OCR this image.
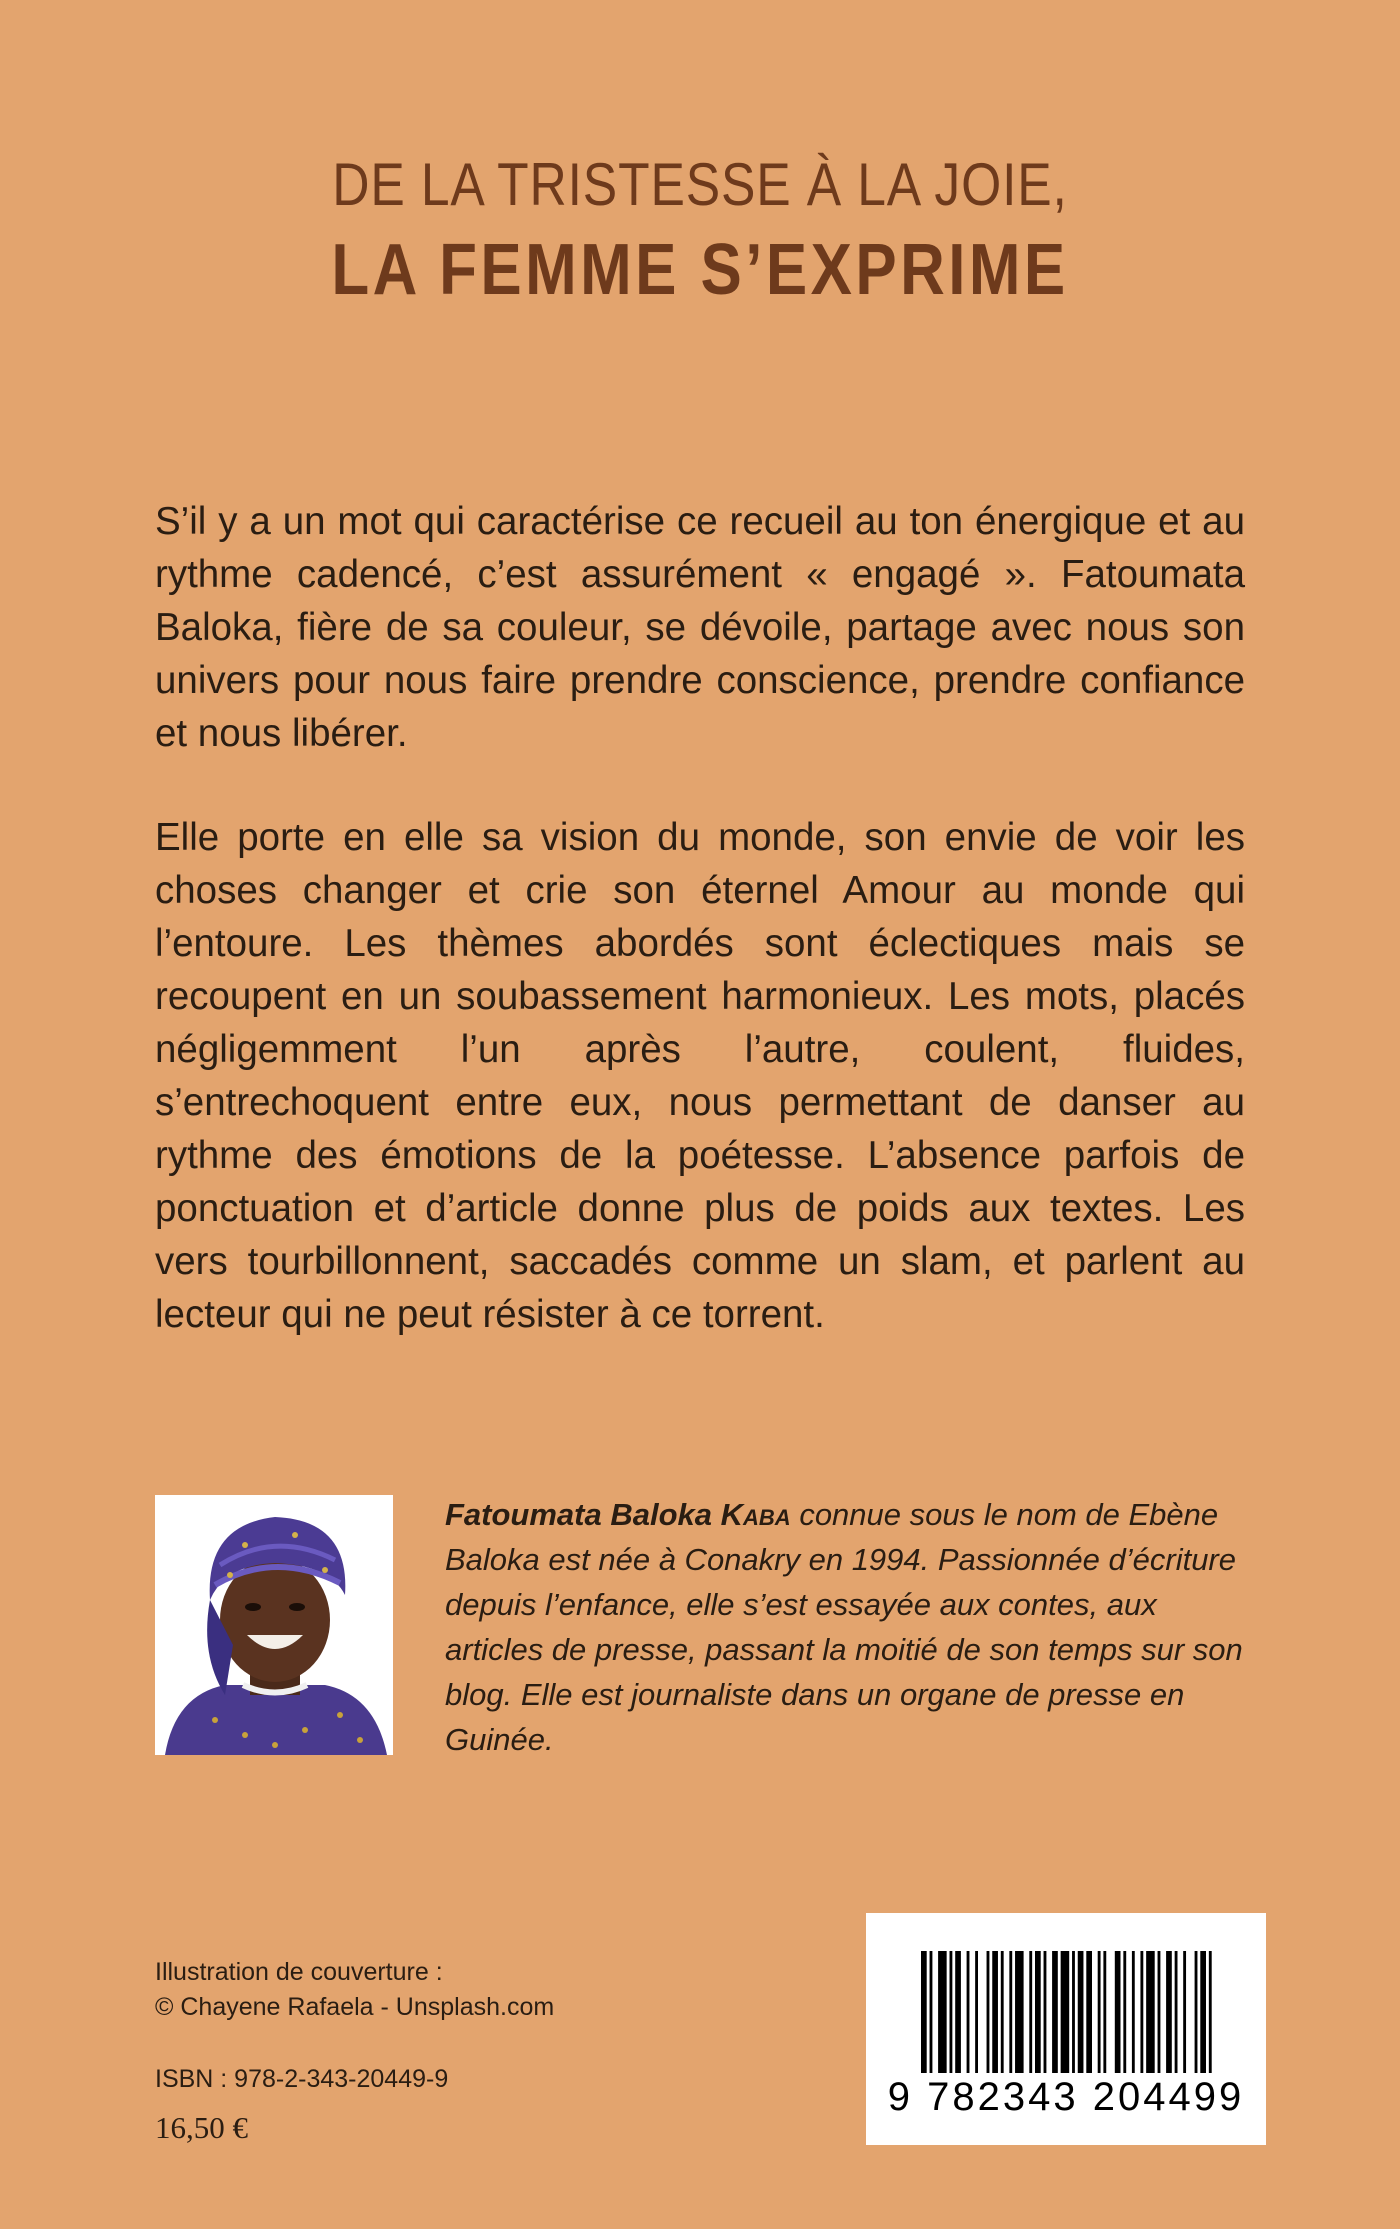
DE LA TRISTESSE À LA JOIE,
LA FEMME S’EXPRIME

S’il y a un mot qui caractérise ce recueil au ton énergique et au rythme cadencé, c’est assurément « engagé ». Fatoumata Baloka, fière de sa couleur, se dévoile, partage avec nous son univers pour nous faire prendre conscience, prendre confiance et nous libérer.

Elle porte en elle sa vision du monde, son envie de voir les choses changer et crie son éternel Amour au monde qui l’entoure. Les thèmes abordés sont éclectiques mais se recoupent en un soubassement harmonieux. Les mots, placés négligemment l’un après l’autre, coulent, fluides, s’entrechoquent entre eux, nous permettant de danser au rythme des émotions de la poétesse. L’absence parfois de ponctuation et d’article donne plus de poids aux textes. Les vers tourbillonnent, saccadés comme un slam, et parlent au lecteur qui ne peut résister à ce torrent.

Fatoumata Baloka Kaba connue sous le nom de Ebène Baloka est née à Conakry en 1994. Passionnée d’écriture depuis l’enfance, elle s’est essayée aux contes, aux articles de presse, passant la moitié de son temps sur son blog. Elle est journaliste dans un organe de presse en Guinée.
Illustration de couverture :
© Chayene Rafaela - Unsplash.com
ISBN : 978-2-343-20449-9
16,50 €
9 782343 204499
